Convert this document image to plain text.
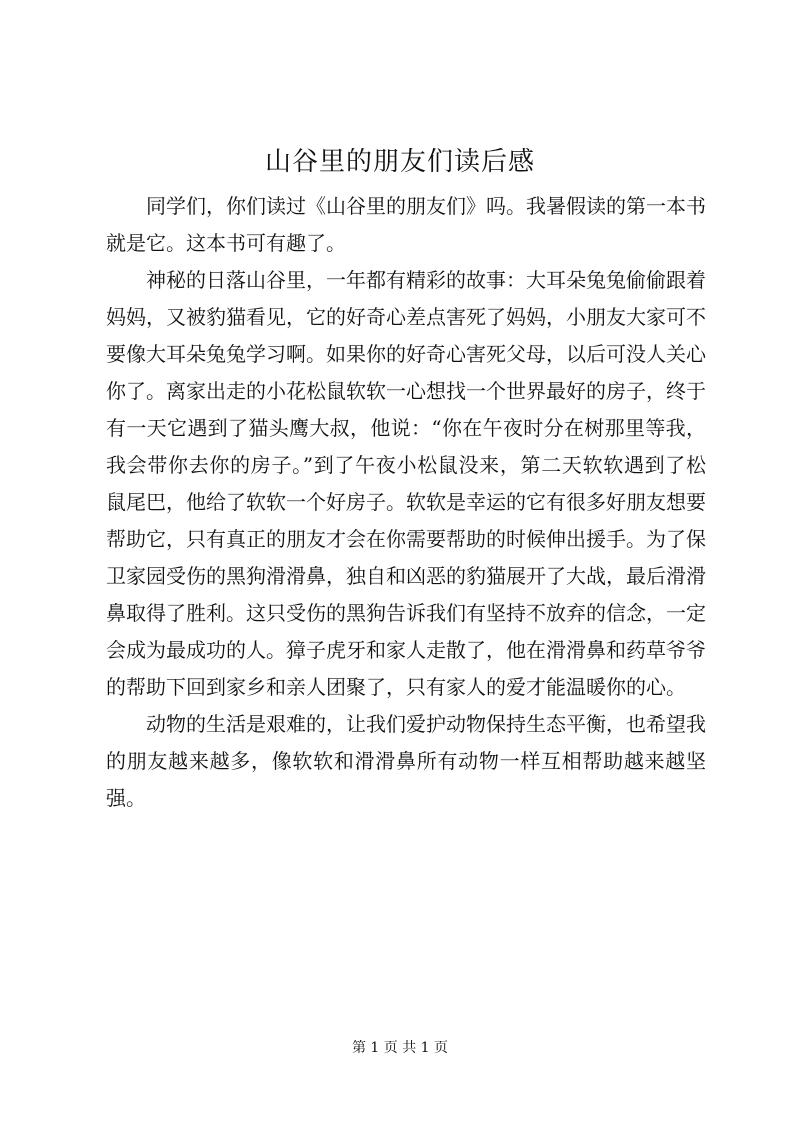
山谷里的朋友们读后感

同学们，你们读过《山谷里的朋友们》吗。我暑假读的第一本书就是它。这本书可有趣了。

神秘的日落山谷里，一年都有精彩的故事：大耳朵兔兔偷偷跟着妈妈，又被豹猫看见，它的好奇心差点害死了妈妈，小朋友大家可不要像大耳朵兔兔学习啊。如果你的好奇心害死父母，以后可没人关心你了。离家出走的小花松鼠软软一心想找一个世界最好的房子，终于有一天它遇到了猫头鹰大叔，他说：“你在午夜时分在树那里等我，我会带你去你的房子。”到了午夜小松鼠没来，第二天软软遇到了松鼠尾巴，他给了软软一个好房子。软软是幸运的它有很多好朋友想要帮助它，只有真正的朋友才会在你需要帮助的时候伸出援手。为了保卫家园受伤的黑狗滑滑鼻，独自和凶恶的豹猫展开了大战，最后滑滑鼻取得了胜利。这只受伤的黑狗告诉我们有坚持不放弃的信念，一定会成为最成功的人。獐子虎牙和家人走散了，他在滑滑鼻和药草爷爷的帮助下回到家乡和亲人团聚了，只有家人的爱才能温暖你的心。

动物的生活是艰难的，让我们爱护动物保持生态平衡，也希望我的朋友越来越多，像软软和滑滑鼻所有动物一样互相帮助越来越坚强。

第 1 页 共 1 页
